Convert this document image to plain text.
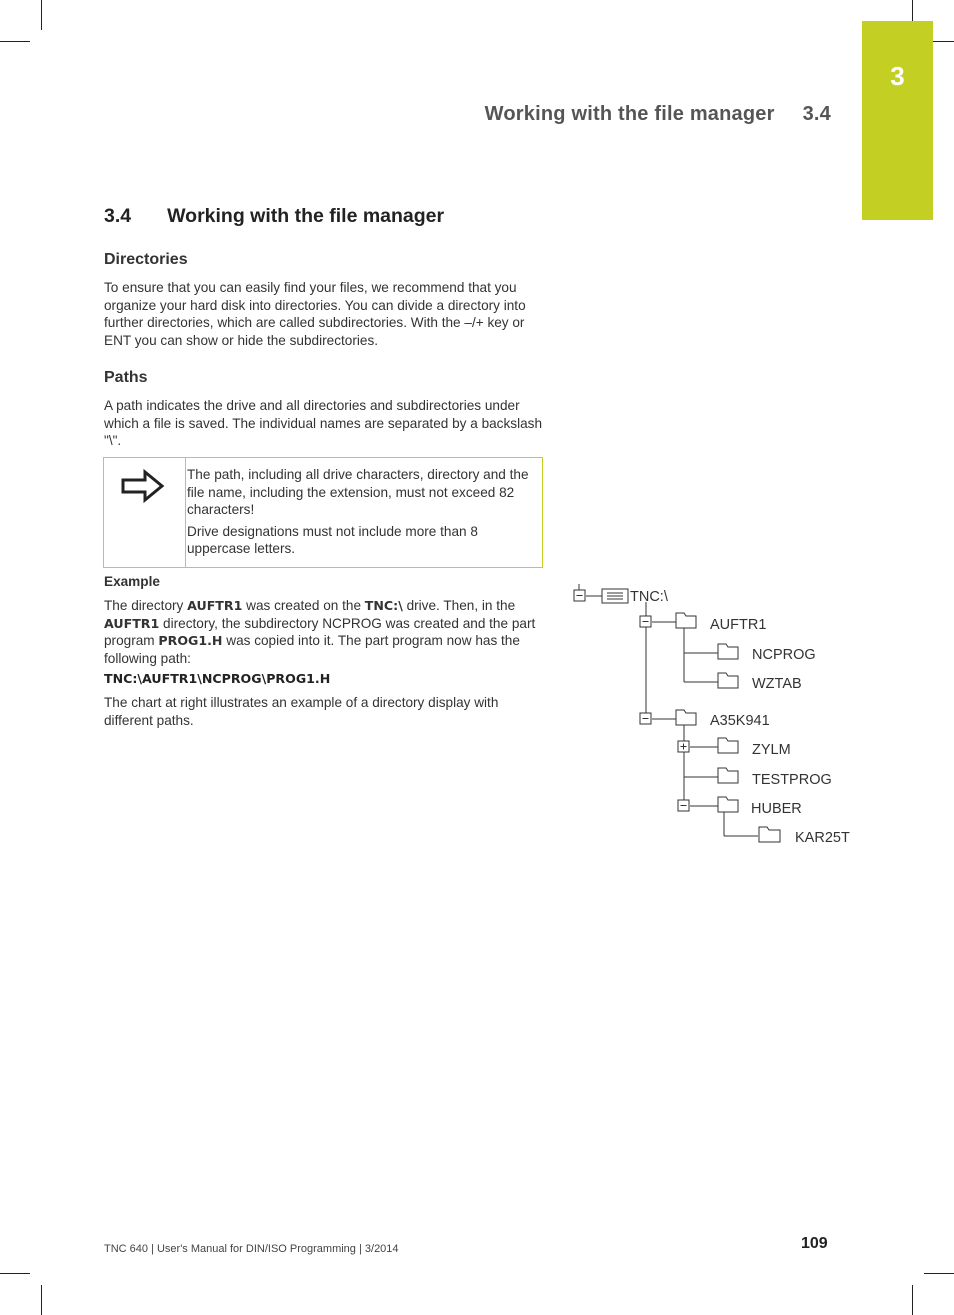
3
Working with the file manager 3.4
3.4 Working with the file manager
Directories
To ensure that you can easily find your files, we recommend that you organize your hard disk into directories. You can divide a directory into further directories, which are called subdirectories. With the –/+ key or ENT you can show or hide the subdirectories.
Paths
A path indicates the drive and all directories and subdirectories under which a file is saved. The individual names are separated by a backslash "\".

The path, including all drive characters, directory and the file name, including the extension, must not exceed 82 characters!

Drive designations must not include more than 8 uppercase letters.

Example
The directory AUFTR1 was created on the TNC:\ drive. Then, in the AUFTR1 directory, the subdirectory NCPROG was created and the part program PROG1.H was copied into it. The part program now has the following path:
TNC:\AUFTR1\NCPROG\PROG1.H
The chart at right illustrates an example of a directory display with different paths.
TNC:\
AUFTR1
NCPROG
WZTAB
A35K941
ZYLM
TESTPROG
HUBER
KAR25T
TNC 640 | User's Manual for DIN/ISO Programming | 3/2014	109
